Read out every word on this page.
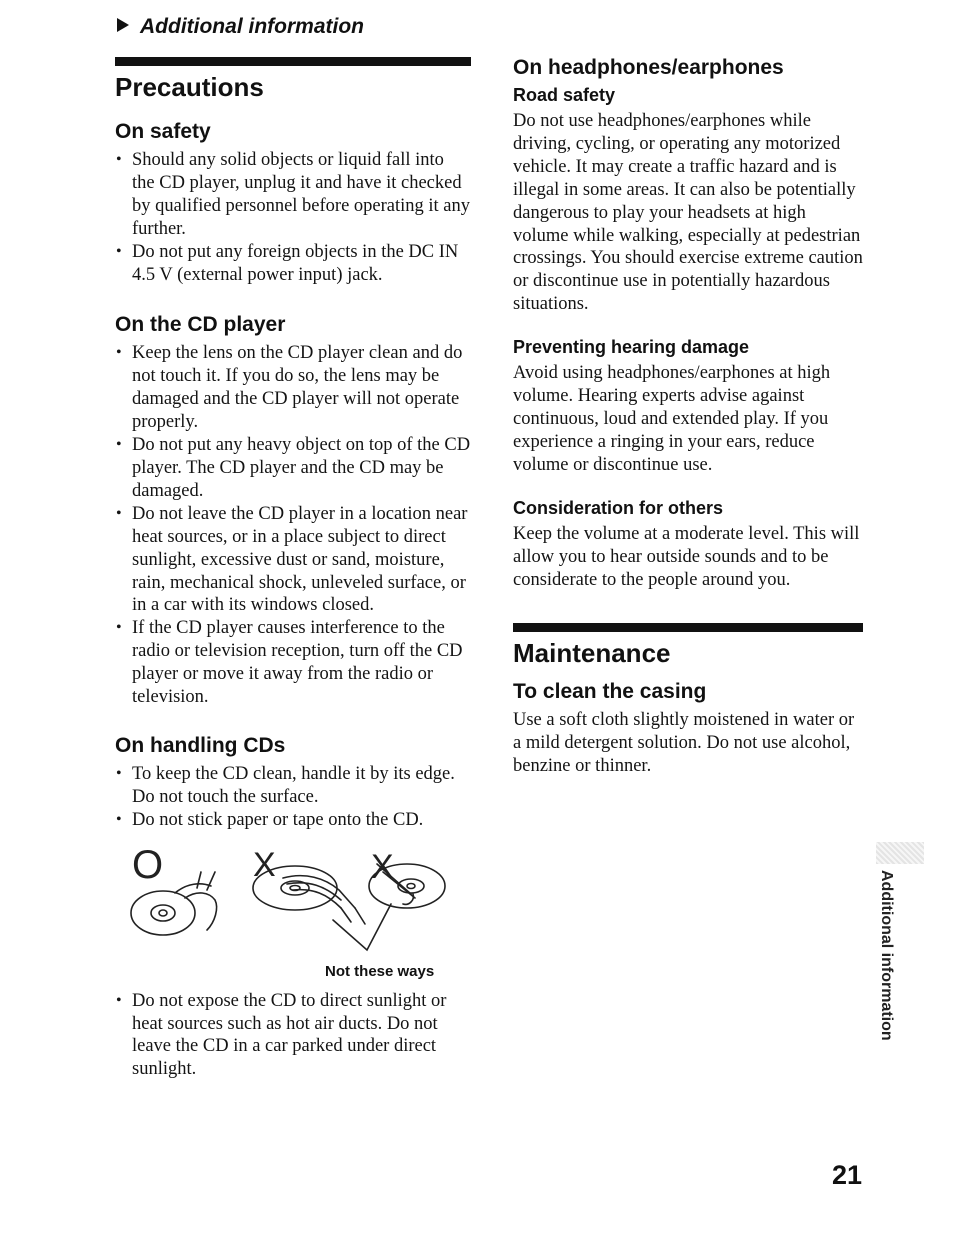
Additional information
Precautions
On safety
• Should any solid objects or liquid fall into the CD player, unplug it and have it checked by qualified personnel before operating it any further.
• Do not put any foreign objects in the DC IN 4.5 V (external power input) jack.
On the CD player
• Keep the lens on the CD player clean and do not touch it. If you do so, the lens may be damaged and the CD player will not operate properly.
• Do not put any heavy object on top of the CD player. The CD player and the CD may be damaged.
• Do not leave the CD player in a location near heat sources, or in a place subject to direct sunlight, excessive dust or sand, moisture, rain, mechanical shock, unleveled surface, or in a car with its windows closed.
• If the CD player causes interference to the radio or television reception, turn off the CD player or move it away from the radio or television.
On handling CDs
• To keep the CD clean, handle it by its edge. Do not touch the surface.
• Do not stick paper or tape onto the CD.
O	X	X
Not these ways
• Do not expose the CD to direct sunlight or heat sources such as hot air ducts. Do not leave the CD in a car parked under direct sunlight.
On headphones/earphones
Road safety

Do not use headphones/earphones while driving, cycling, or operating any motorized vehicle. It may create a traffic hazard and is illegal in some areas. It can also be potentially dangerous to play your headsets at high volume while walking, especially at pedestrian crossings. You should exercise extreme caution or discontinue use in potentially hazardous situations.

Preventing hearing damage

Avoid using headphones/earphones at high volume. Hearing experts advise against continuous, loud and extended play. If you experience a ringing in your ears, reduce volume or discontinue use.

Consideration for others

Keep the volume at a moderate level. This will allow you to hear outside sounds and to be considerate to the people around you.

Maintenance
To clean the casing

Use a soft cloth slightly moistened in water or a mild detergent solution. Do not use alcohol, benzine or thinner.

Additional information
21
